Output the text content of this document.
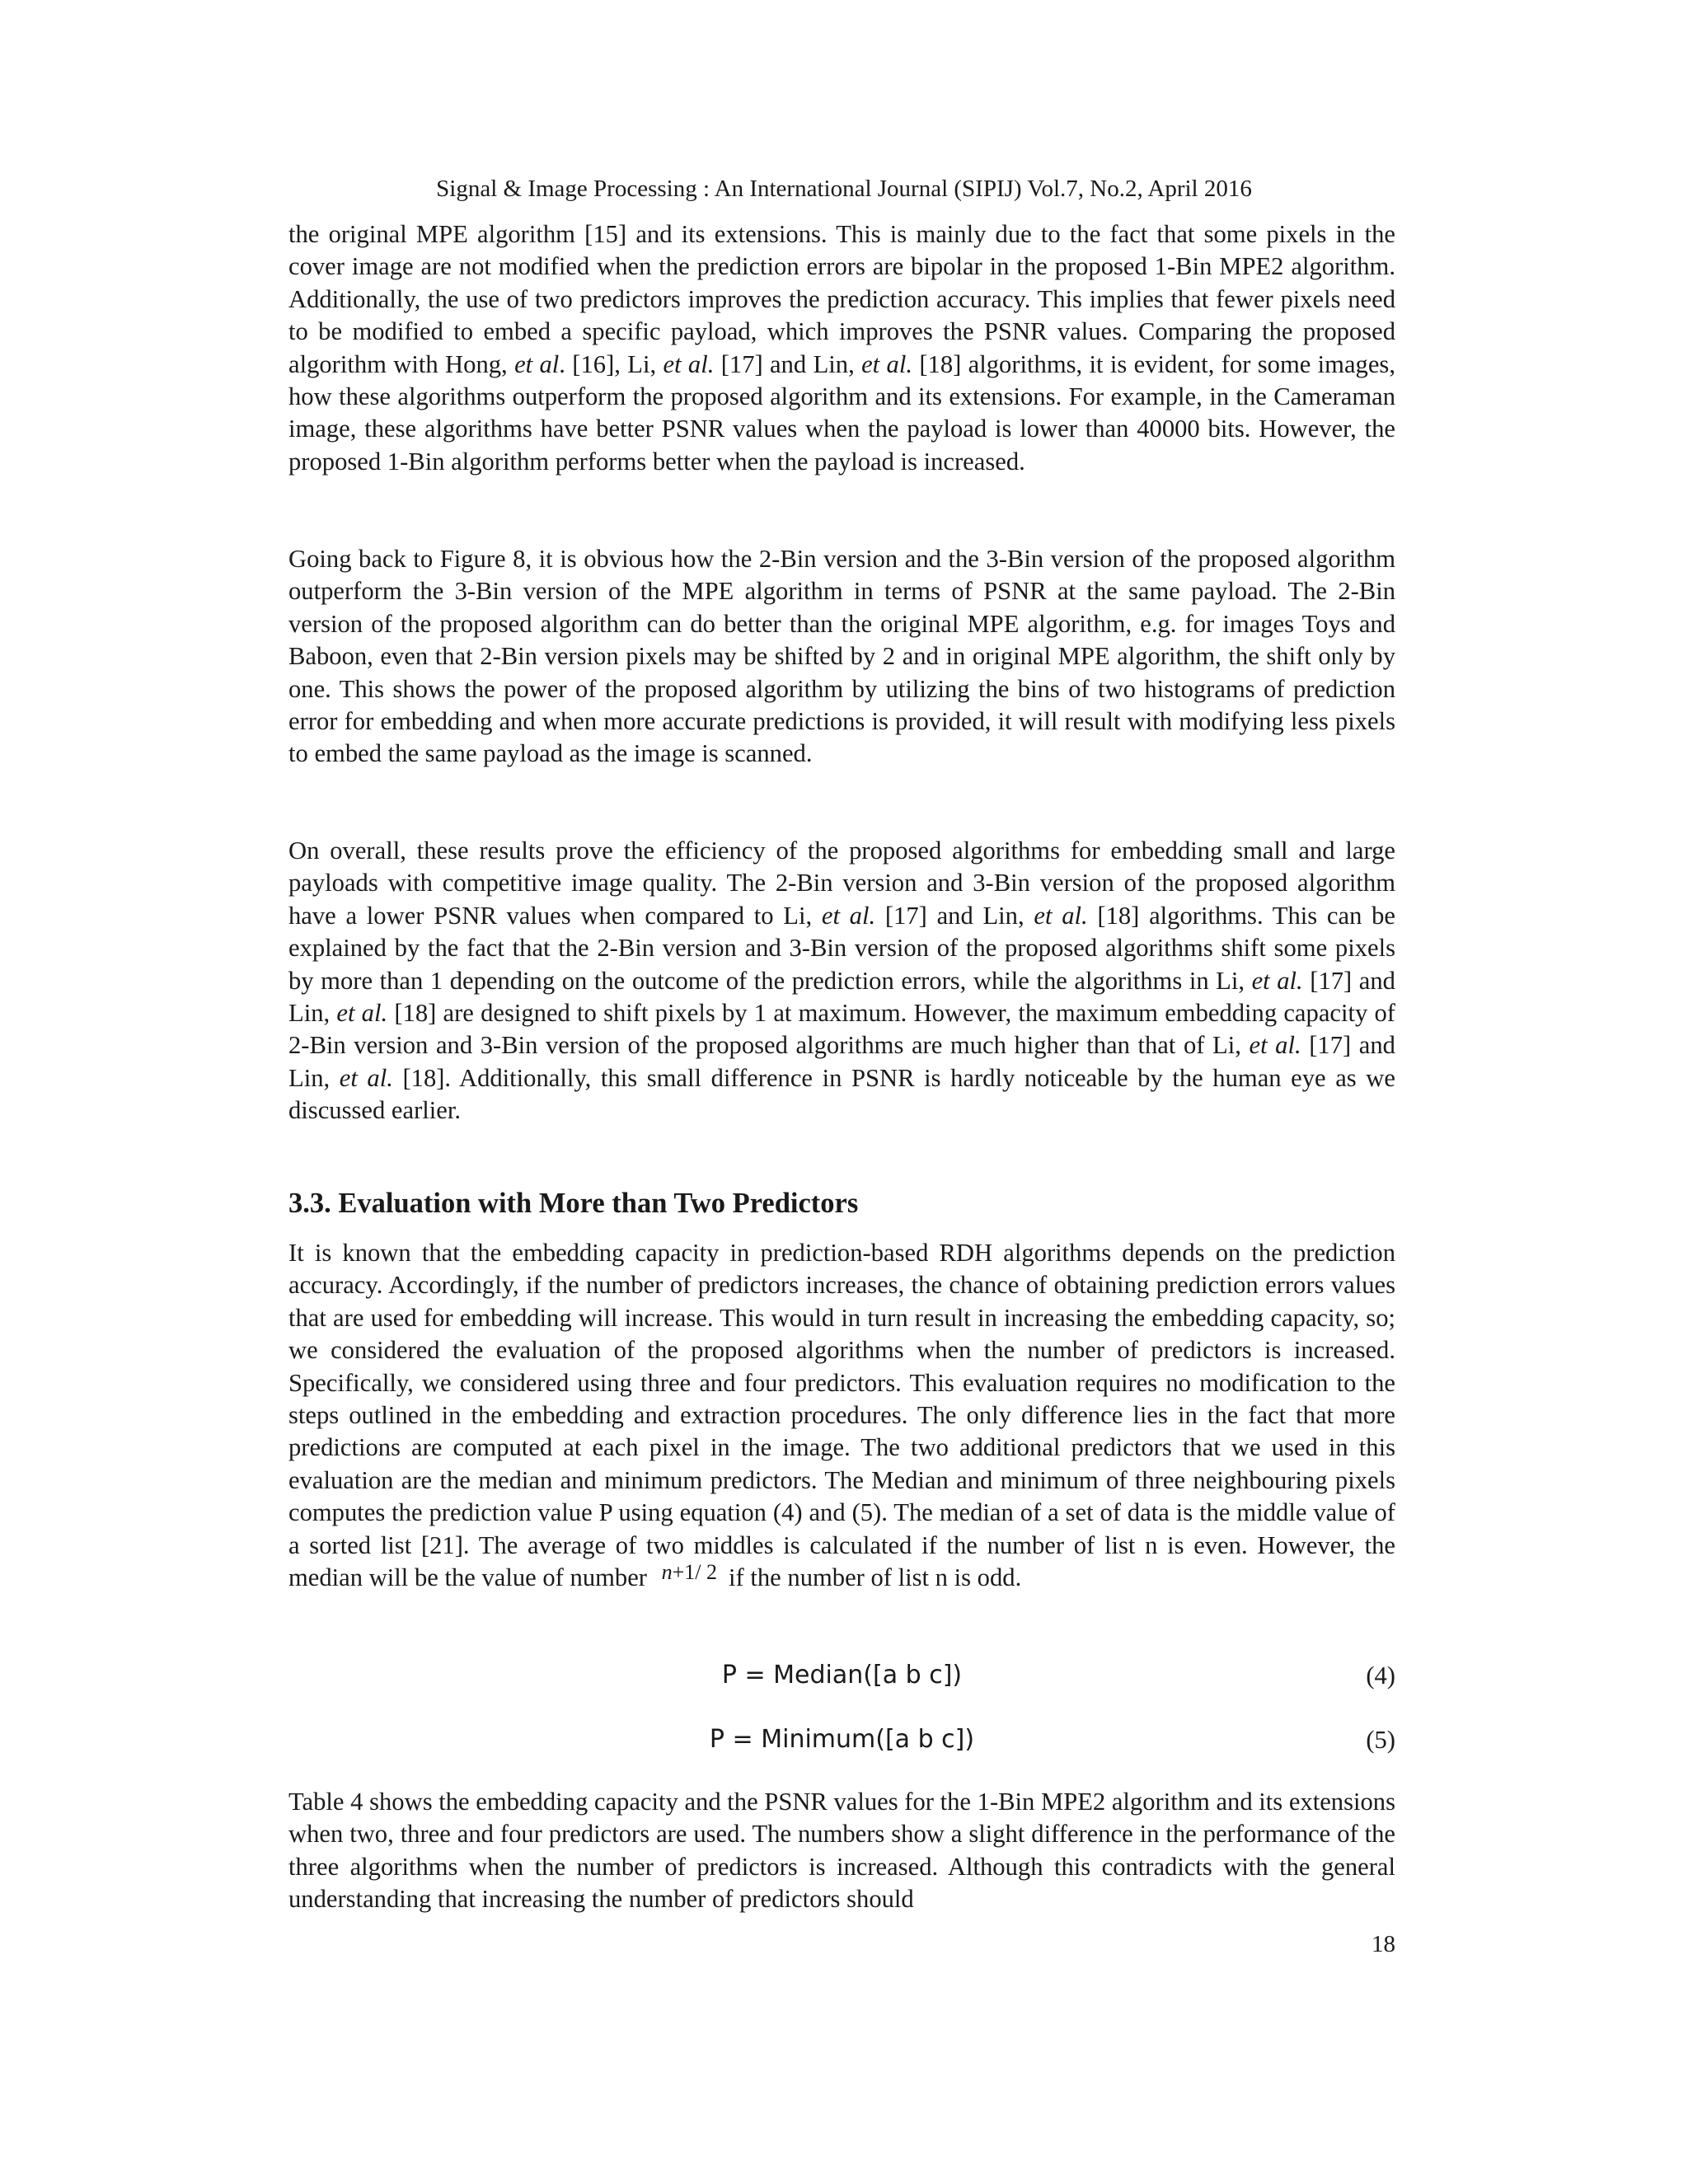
Signal & Image Processing : An International Journal (SIPIJ) Vol.7, No.2, April 2016

the original MPE algorithm [15] and its extensions. This is mainly due to the fact that some pixels in the cover image are not modified when the prediction errors are bipolar in the proposed 1-Bin MPE2 algorithm. Additionally, the use of two predictors improves the prediction accuracy. This implies that fewer pixels need to be modified to embed a specific payload, which improves the PSNR values. Comparing the proposed algorithm with Hong, et al. [16], Li, et al. [17] and Lin, et al. [18] algorithms, it is evident, for some images, how these algorithms outperform the proposed algorithm and its extensions. For example, in the Cameraman image, these algorithms have better PSNR values when the payload is lower than 40000 bits. However, the proposed 1-Bin algorithm performs better when the payload is increased.

Going back to Figure 8, it is obvious how the 2-Bin version and the 3-Bin version of the proposed algorithm outperform the 3-Bin version of the MPE algorithm in terms of PSNR at the same payload. The 2-Bin version of the proposed algorithm can do better than the original MPE algorithm, e.g. for images Toys and Baboon, even that 2-Bin version pixels may be shifted by 2 and in original MPE algorithm, the shift only by one. This shows the power of the proposed algorithm by utilizing the bins of two histograms of prediction error for embedding and when more accurate predictions is provided, it will result with modifying less pixels to embed the same payload as the image is scanned.

On overall, these results prove the efficiency of the proposed algorithms for embedding small and large payloads with competitive image quality. The 2-Bin version and 3-Bin version of the proposed algorithm have a lower PSNR values when compared to Li, et al. [17] and Lin, et al. [18] algorithms. This can be explained by the fact that the 2-Bin version and 3-Bin version of the proposed algorithms shift some pixels by more than 1 depending on the outcome of the prediction errors, while the algorithms in Li, et al. [17] and Lin, et al. [18] are designed to shift pixels by 1 at maximum. However, the maximum embedding capacity of 2-Bin version and 3-Bin version of the proposed algorithms are much higher than that of Li, et al. [17] and Lin, et al. [18]. Additionally, this small difference in PSNR is hardly noticeable by the human eye as we discussed earlier.

3.3. Evaluation with More than Two Predictors

It is known that the embedding capacity in prediction-based RDH algorithms depends on the prediction accuracy. Accordingly, if the number of predictors increases, the chance of obtaining prediction errors values that are used for embedding will increase. This would in turn result in increasing the embedding capacity, so; we considered the evaluation of the proposed algorithms when the number of predictors is increased. Specifically, we considered using three and four predictors. This evaluation requires no modification to the steps outlined in the embedding and extraction procedures. The only difference lies in the fact that more predictions are computed at each pixel in the image. The two additional predictors that we used in this evaluation are the median and minimum predictors. The Median and minimum of three neighbouring pixels computes the prediction value P using equation (4) and (5). The median of a set of data is the middle value of a sorted list [21]. The average of two middles is calculated if the number of list n is even. However, the median will be the value of number n+1/ 2 if the number of list n is odd.

P = Median([a b c])	(4)
P = Minimum([a b c])	(5)

Table 4 shows the embedding capacity and the PSNR values for the 1-Bin MPE2 algorithm and its extensions when two, three and four predictors are used. The numbers show a slight difference in the performance of the three algorithms when the number of predictors is increased. Although this contradicts with the general understanding that increasing the number of predictors should

18
